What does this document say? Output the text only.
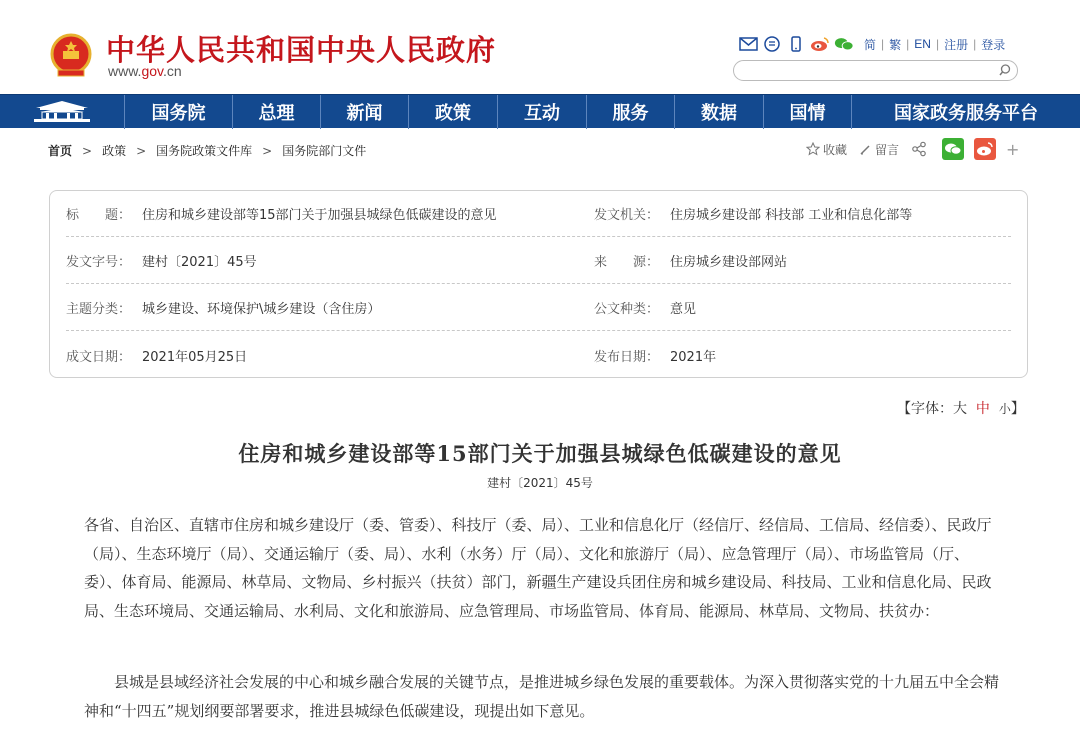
中华人民共和国中央人民政府
www.gov.cn
简 | 繁 | EN | 注册 | 登录
国务院	总理	新闻	政策	互动	服务	数据	国情	国家政务服务平台
首页 > 政策 > 国务院政策文件库 > 国务院部门文件	收藏 留言	+
标　　题： 住房和城乡建设部等15部门关于加强县城绿色低碳建设的意见	发文机关： 住房城乡建设部 科技部 工业和信息化部等
发文字号： 建村〔2021〕45号	来　　源： 住房城乡建设部网站
主题分类： 城乡建设、环境保护\城乡建设（含住房）	公文种类： 意见
成文日期： 2021年05月25日	发布日期： 2021年
【字体：大 中 小】
住房和城乡建设部等15部门关于加强县城绿色低碳建设的意见
建村〔2021〕45号
各省、自治区、直辖市住房和城乡建设厅（委、管委）、科技厅（委、局）、工业和信息化厅（经信厅、经信局、工信局、经信委）、民政厅（局）、生态环境厅（局）、交通运输厅（委、局）、水利（水务）厅（局）、文化和旅游厅（局）、应急管理厅（局）、市场监管局（厅、委）、体育局、能源局、林草局、文物局、乡村振兴（扶贫）部门，新疆生产建设兵团住房和城乡建设局、科技局、工业和信息化局、民政局、生态环境局、交通运输局、水利局、文化和旅游局、应急管理局、市场监管局、体育局、能源局、林草局、文物局、扶贫办：
县城是县域经济社会发展的中心和城乡融合发展的关键节点，是推进城乡绿色发展的重要载体。为深入贯彻落实党的十九届五中全会精神和“十四五”规划纲要部署要求，推进县城绿色低碳建设，现提出如下意见。
